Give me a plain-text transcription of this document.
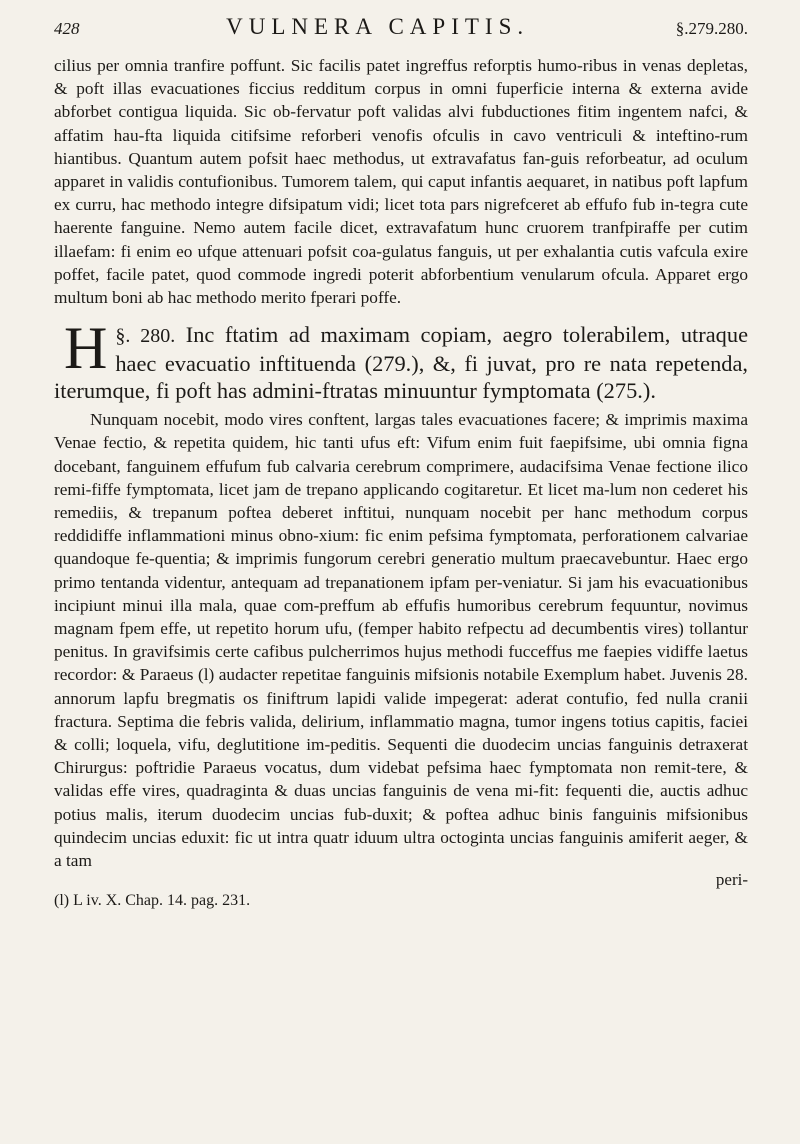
428	VULNERA CAPITIS.	§.279.280.

cilius per omnia tranfire poffunt. Sic facilis patet ingreffus reforptis humo-ribus in venas depletas, & poft illas evacuationes ficcius redditum corpus in omni fuperficie interna & externa avide abforbet contigua liquida. Sic ob-fervatur poft validas alvi fubductiones fitim ingentem nafci, & affatim hau-fta liquida citifsime reforberi venofis ofculis in cavo ventriculi & inteftino-rum hiantibus. Quantum autem pofsit haec methodus, ut extravafatus fan-guis reforbeatur, ad oculum apparet in validis contufionibus. Tumorem talem, qui caput infantis aequaret, in natibus poft lapfum ex curru, hac methodo integre difsipatum vidi; licet tota pars nigrefceret ab effufo fub in-tegra cute haerente fanguine. Nemo autem facile dicet, extravafatum hunc cruorem tranfpiraffe per cutim illaefam: fi enim eo ufque attenuari pofsit coa-gulatus fanguis, ut per exhalantia cutis vafcula exire poffet, facile patet, quod commode ingredi poterit abforbentium venularum ofcula. Apparet ergo multum boni ab hac methodo merito fperari poffe.

§. 280.
H	Inc ftatim ad maximam copiam, aegro tolerabilem, utraque haec evacuatio inftituenda (279.), &, fi juvat, pro re nata repetenda, iterumque, fi poft has admini-ftratas minuuntur fymptomata (275.).

Nunquam nocebit, modo vires conftent, largas tales evacuationes facere; & imprimis maxima Venae fectio, & repetita quidem, hic tanti ufus eft: Vifum enim fuit faepifsime, ubi omnia figna docebant, fanguinem effufum fub calvaria cerebrum comprimere, audacifsima Venae fectione ilico remi-fiffe fymptomata, licet jam de trepano applicando cogitaretur. Et licet ma-lum non cederet his remediis, & trepanum poftea deberet inftitui, nunquam nocebit per hanc methodum corpus reddidiffe inflammationi minus obno-xium: fic enim pefsima fymptomata, perforationem calvariae quandoque fe-quentia; & imprimis fungorum cerebri generatio multum praecavebuntur. Haec ergo primo tentanda videntur, antequam ad trepanationem ipfam per-veniatur. Si jam his evacuationibus incipiunt minui illa mala, quae com-preffum ab effufis humoribus cerebrum fequuntur, novimus magnam fpem effe, ut repetito horum ufu, (femper habito refpectu ad decumbentis vires) tollantur penitus. In gravifsimis certe cafibus pulcherrimos hujus methodi fucceffus me faepies vidiffe laetus recordor: & Paraeus (l) audacter repetitae fanguinis mifsionis notabile Exemplum habet. Juvenis 28. annorum lapfu bregmatis os finiftrum lapidi valide impegerat: aderat contufio, fed nulla cranii fractura. Septima die febris valida, delirium, inflammatio magna, tumor ingens totius capitis, faciei & colli; loquela, vifu, deglutitione im-peditis. Sequenti die duodecim uncias fanguinis detraxerat Chirurgus: poftridie Paraeus vocatus, dum videbat pefsima haec fymptomata non remit-tere, & validas effe vires, quadraginta & duas uncias fanguinis de vena mi-fit: fequenti die, auctis adhuc potius malis, iterum duodecim uncias fub-duxit; & poftea adhuc binis fanguinis mifsionibus quindecim uncias eduxit: fic ut intra quatr iduum ultra octoginta uncias fanguinis amiferit aeger, & a tam

peri-
(l) L iv. X. Chap. 14. pag. 231.
